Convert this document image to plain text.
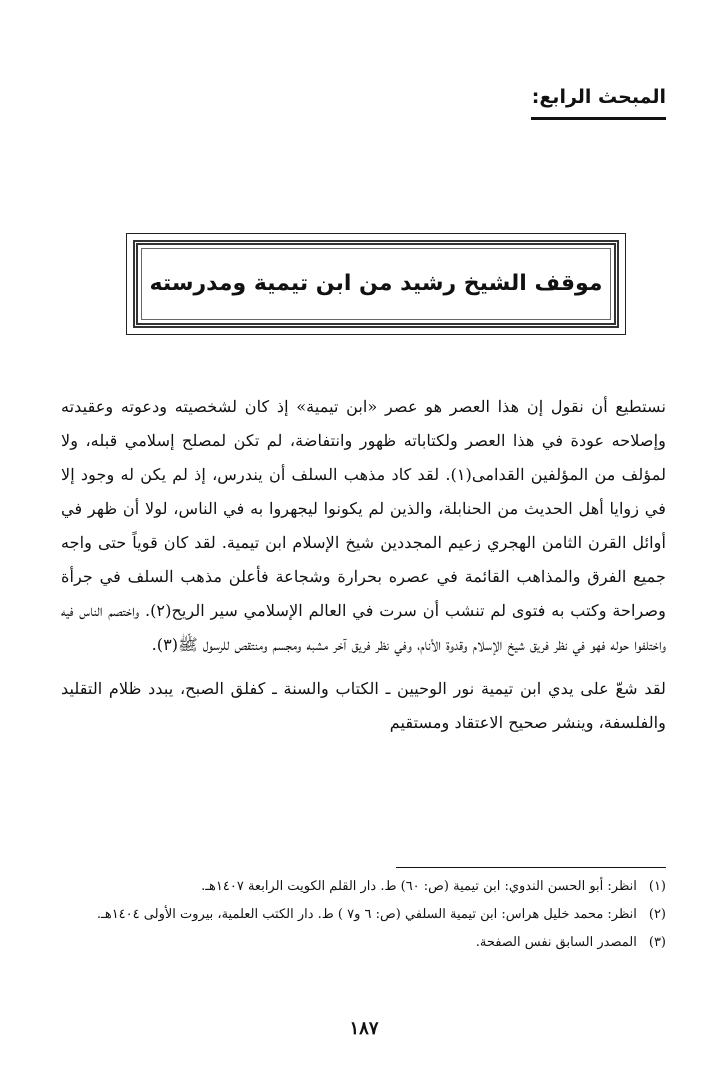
المبحث الرابع:
موقف الشيخ رشيد من ابن تيمية ومدرسته

نستطيع أن نقول إن هذا العصر هو عصر «ابن تيمية» إذ كان لشخصيته ودعوته وعقيدته وإصلاحه عودة في هذا العصر ولكتاباته ظهور وانتفاضة، لم تكن لمصلح إسلامي قبله، ولا لمؤلف من المؤلفين القدامى(١). لقد كاد مذهب السلف أن يندرس، إذ لم يكن له وجود إلا في زوايا أهل الحديث من الحنابلة، والذين لم يكونوا ليجهروا به في الناس، لولا أن ظهر في أوائل القرن الثامن الهجري زعيم المجددين شيخ الإسلام ابن تيمية. لقد كان قوياً حتى واجه جميع الفرق والمذاهب القائمة في عصره بحرارة وشجاعة فأعلن مذهب السلف في جرأة وصراحة وكتب به فتوى لم تنشب أن سرت في العالم الإسلامي سير الريح(٢). واختصم الناس فيه واختلفوا حوله فهو في نظر فريق شيخ الإسلام وقدوة الأنام، وفي نظر فريق آخر مشبه ومجسم ومنتقص للرسول ﷺ(٣).

لقد شعّ على يدي ابن تيمية نور الوحيين ـ الكتاب والسنة ـ كفلق الصبح، يبدد ظلام التقليد والفلسفة، وينشر صحيح الاعتقاد ومستقيم

(١)
انظر: أبو الحسن الندوي: ابن تيمية (ص: ٦٠) ط. دار القلم الكويت الرابعة ١٤٠٧هـ.
(٢)
انظر: محمد خليل هراس: ابن تيمية السلفي (ص: ٦ و٧ ) ط. دار الكتب العلمية، بيروت الأولى ١٤٠٤هـ.
(٣)
المصدر السابق نفس الصفحة.

١٨٧
